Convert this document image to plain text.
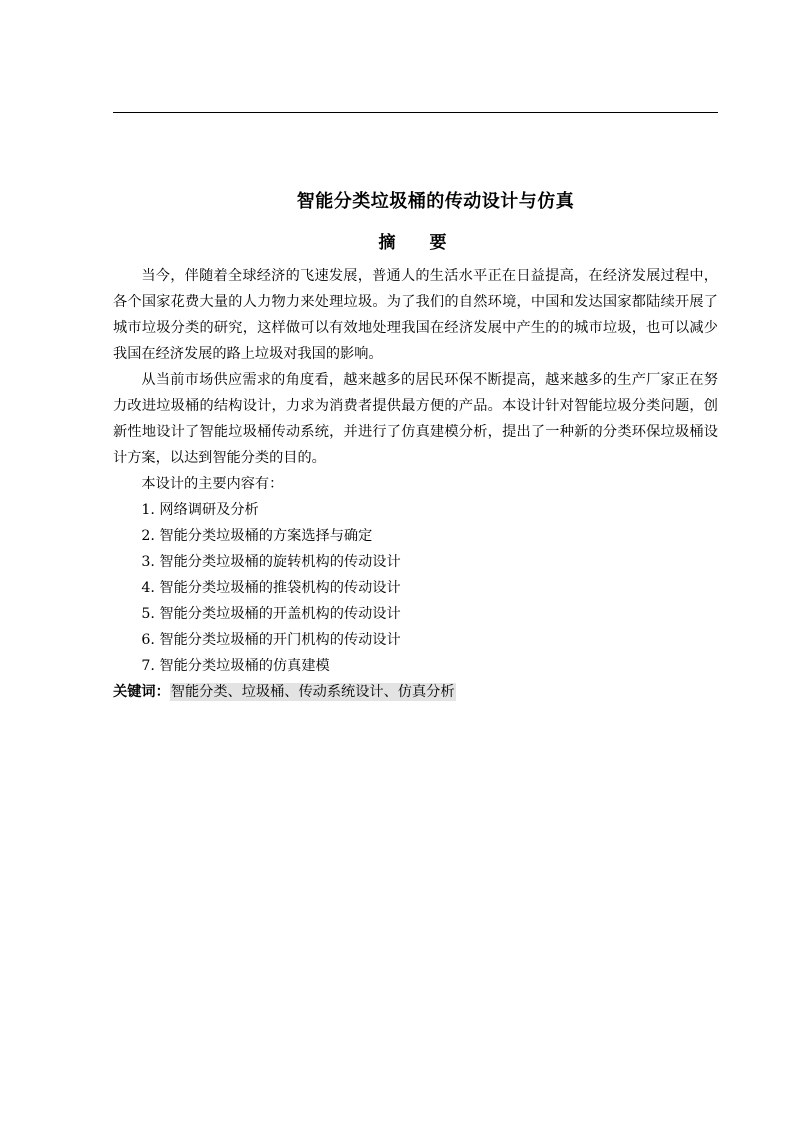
智能分类垃圾桶的传动设计与仿真
摘 要

当今，伴随着全球经济的飞速发展，普通人的生活水平正在日益提高，在经济发展过程中，各个国家花费大量的人力物力来处理垃圾。为了我们的自然环境，中国和发达国家都陆续开展了城市垃圾分类的研究，这样做可以有效地处理我国在经济发展中产生的的城市垃圾，也可以减少我国在经济发展的路上垃圾对我国的影响。

从当前市场供应需求的角度看，越来越多的居民环保不断提高，越来越多的生产厂家正在努力改进垃圾桶的结构设计，力求为消费者提供最方便的产品。本设计针对智能垃圾分类问题，创新性地设计了智能垃圾桶传动系统，并进行了仿真建模分析，提出了一种新的分类环保垃圾桶设计方案，以达到智能分类的目的。

本设计的主要内容有：

1. 网络调研及分析
2. 智能分类垃圾桶的方案选择与确定
3. 智能分类垃圾桶的旋转机构的传动设计
4. 智能分类垃圾桶的推袋机构的传动设计
5. 智能分类垃圾桶的开盖机构的传动设计
6. 智能分类垃圾桶的开门机构的传动设计
7. 智能分类垃圾桶的仿真建模

关键词：智能分类、垃圾桶、传动系统设计、仿真分析
